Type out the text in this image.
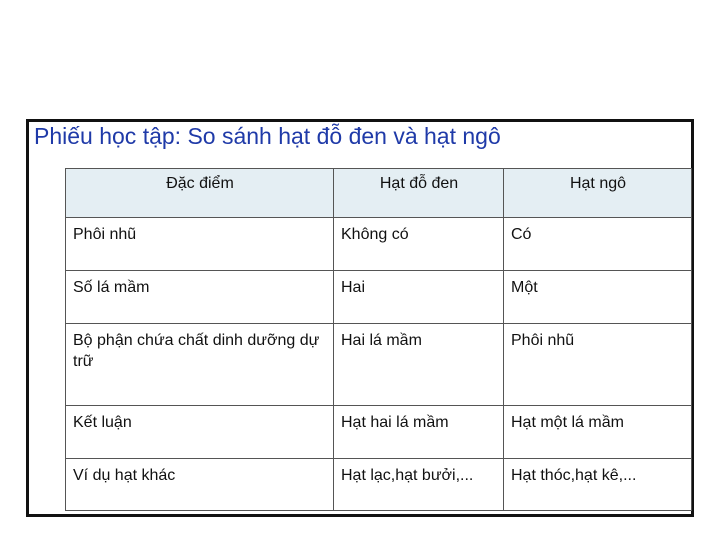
Phiếu học tập: So sánh hạt đỗ đen và hạt ngô
Đặc điểm	Hạt đỗ đen	Hạt ngô
Phôi nhũ	Không có	Có
Số lá mầm	Hai	Một
Bộ phận chứa chất dinh dưỡng dự trữ	Hai lá mầm	Phôi nhũ
Kết luận	Hạt hai lá mầm	Hạt một lá mầm
Ví dụ hạt khác	Hạt lạc,hạt bưởi,...	Hạt thóc,hạt kê,...
